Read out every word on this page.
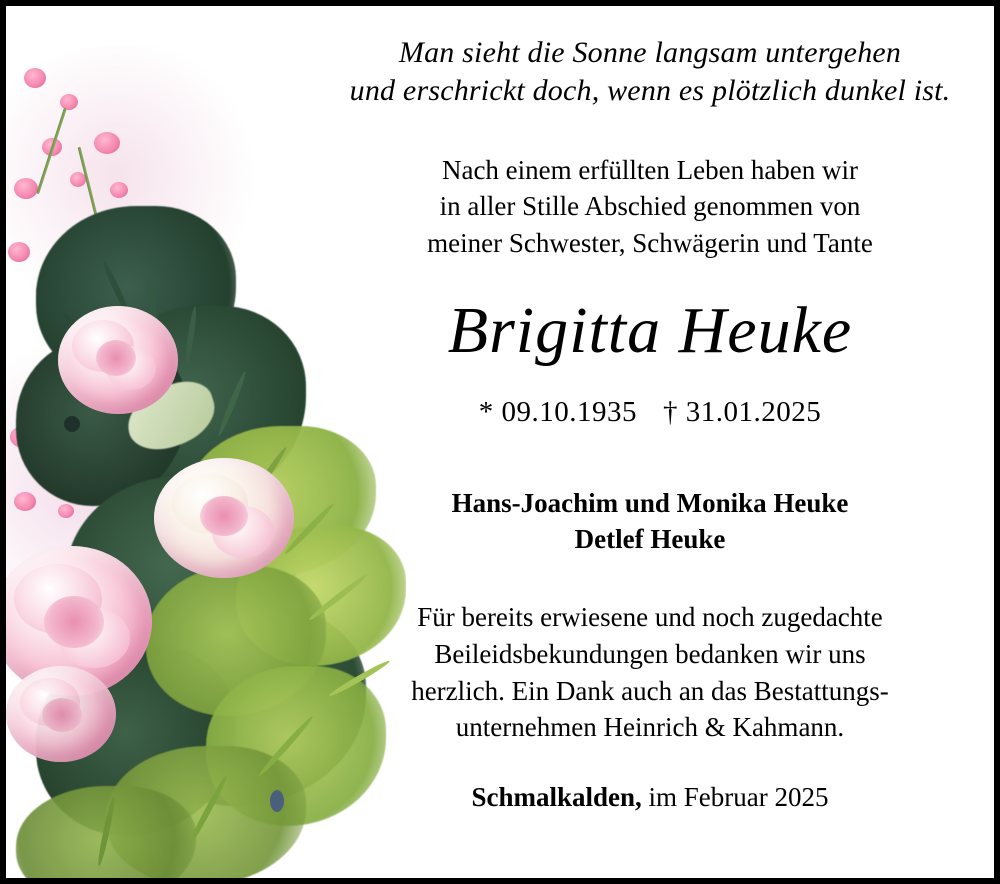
Man sieht die Sonne langsam untergehen
und erschrickt doch, wenn es plötzlich dunkel ist.
Nach einem erfüllten Leben haben wir
in aller Stille Abschied genommen von
meiner Schwester, Schwägerin und Tante
Brigitta Heuke
* 09.10.1935 † 31.01.2025
Hans-Joachim und Monika Heuke
Detlef Heuke
Für bereits erwiesene und noch zugedachte
Beileidsbekundungen bedanken wir uns
herzlich. Ein Dank auch an das Bestattungs-
unternehmen Heinrich & Kahmann.
Schmalkalden, im Februar 2025
